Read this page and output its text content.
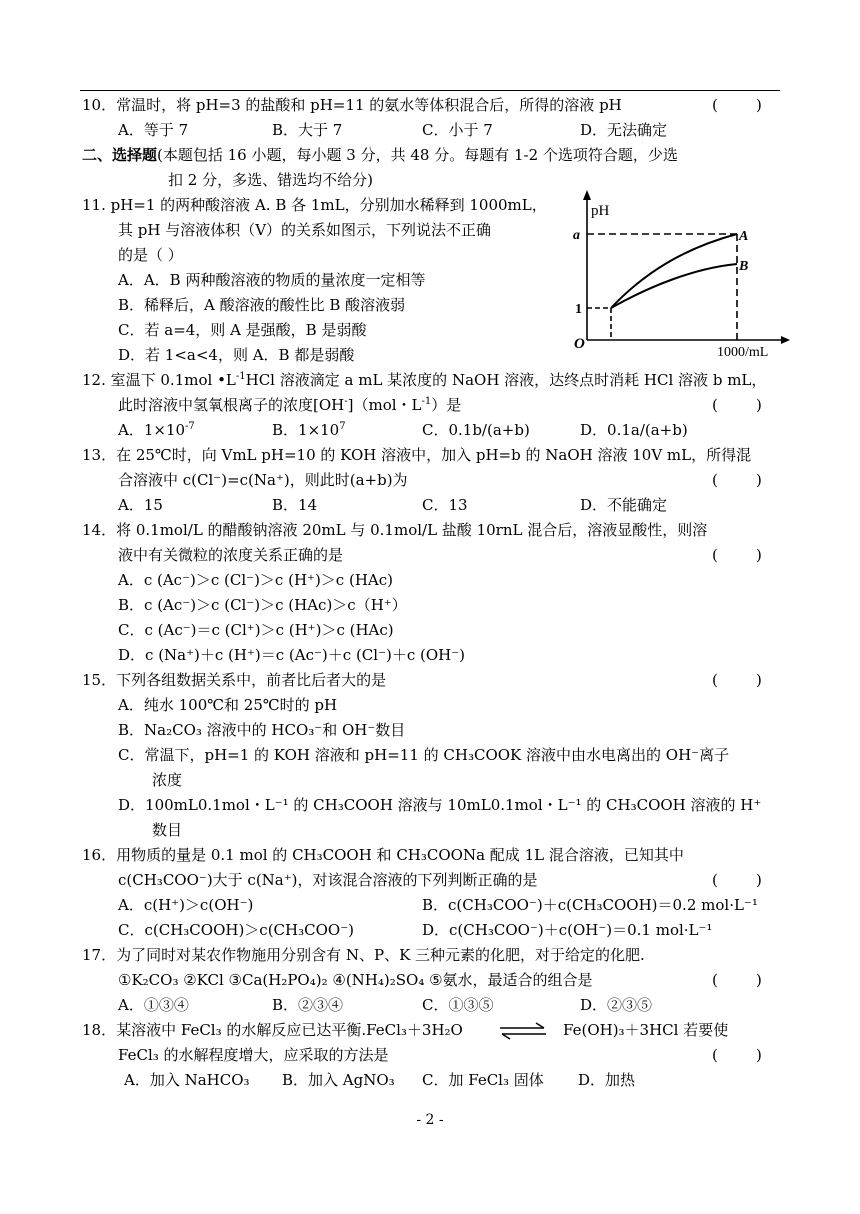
10．常温时，将 pH=3 的盐酸和 pH=11 的氨水等体积混合后，所得的溶液 pH	(        )
A．等于 7	B．大于 7	C．小于 7	D．无法确定
二、选择题(本题包括 16 小题，每小题 3 分，共 48 分。每题有 1-2 个选项符合题，少选
扣 2 分，多选、错选均不给分)
11. pH=1 的两种酸溶液 A. B 各 1mL，分别加水稀释到 1000mL，
其 pH 与溶液体积（V）的关系如图示，下列说法不正确
的是（ ）
A．A．B 两种酸溶液的物质的量浓度一定相等
B．稀释后，A 酸溶液的酸性比 B 酸溶液弱
C．若 a=4，则 A 是强酸，B 是弱酸
D．若 1<a<4，则 A．B 都是弱酸
pH
a
1
O
A
B
1000/mL
12. 室温下 0.1mol $•L^{-1}HCl$ 溶液滴定 a mL 某浓度的 NaOH 溶液，达终点时消耗 HCl 溶液 b mL，
此时溶液中氢氧根离子的浓度[OH-]（mol・$L^{-1}$）是	(        )
A．$1\times 10^{-7}$	B．$1\times 10^7$	C．0.1b/(a+b)	D．0.1a/(a+b)
13．在 25℃时，向 VmL pH=10 的 KOH 溶液中，加入 pH=b 的 NaOH 溶液 10V mL，所得混
合溶液中 c(Cl⁻)=c(Na⁺)，则此时(a+b)为	(        )
A．15	B．14	C．13	D．不能确定
14．将 0.1mol/L 的醋酸钠溶液 20mL 与 0.1mol/L 盐酸 10rnL 混合后，溶液显酸性，则溶
液中有关微粒的浓度关系正确的是	(        )
A．c (Ac⁻)＞c (Cl⁻)＞c (H⁺)＞c (HAc)
B．c (Ac⁻)＞c (Cl⁻)＞c (HAc)＞c（H⁺）
C．c (Ac⁻)＝c (Cl⁺)＞c (H⁺)＞c (HAc)
D．c (Na⁺)＋c (H⁺)＝c (Ac⁻)＋c (Cl⁻)＋c (OH⁻)
15．下列各组数据关系中，前者比后者大的是	(        )
A．纯水 100℃和 25℃时的 pH
B．Na₂CO₃ 溶液中的 HCO₃⁻和 OH⁻数目
C．常温下，pH=1 的 KOH 溶液和 pH=11 的 CH₃COOK 溶液中由水电离出的 OH⁻离子
浓度
D．100mL0.1mol・L⁻¹ 的 CH₃COOH 溶液与 10mL0.1mol・L⁻¹ 的 CH₃COOH 溶液的 H⁺
数目
16．用物质的量是 0.1 mol 的 CH₃COOH 和 CH₃COONa 配成 1L 混合溶液，已知其中
c(CH₃COO⁻)大于 c(Na⁺)，对该混合溶液的下列判断正确的是	(        )
A．c(H⁺)＞c(OH⁻)	B．c(CH₃COO⁻)＋c(CH₃COOH)＝0.2 mol·L⁻¹
C．c(CH₃COOH)＞c(CH₃COO⁻)	D．c(CH₃COO⁻)＋c(OH⁻)＝0.1 mol·L⁻¹
17．为了同时对某农作物施用分别含有 N、P、K 三种元素的化肥，对于给定的化肥.
①K₂CO₃ ②KCl ③Ca(H₂PO₄)₂ ④(NH₄)₂SO₄ ⑤氨水，最适合的组合是	(        )
A．①③④	B．②③④	C．①③⑤	D．②③⑤
18．某溶液中 FeCl₃ 的水解反应已达平衡.FeCl₃＋3H₂O ⇌ Fe(OH)₃＋3HCl 若要使
FeCl₃ 的水解程度增大，应采取的方法是	(        )
A．加入 NaHCO₃ B．加入 AgNO₃ C．加 FeCl₃ 固体 D．加热
- 2 -
